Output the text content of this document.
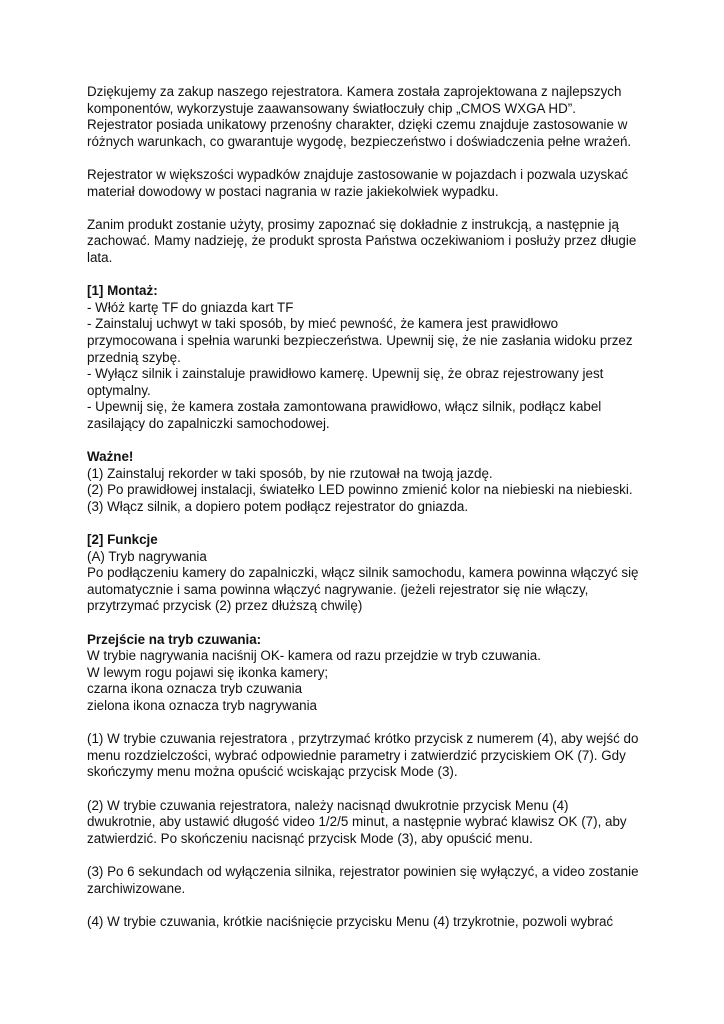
Dziękujemy za zakup naszego rejestratora. Kamera została zaprojektowana z najlepszych
komponentów, wykorzystuje zaawansowany światłoczuły chip „CMOS WXGA HD”.
Rejestrator posiada unikatowy przenośny charakter, dzięki czemu znajduje zastosowanie w
różnych warunkach, co gwarantuje wygodę, bezpieczeństwo i doświadczenia pełne wrażeń.

Rejestrator w większości wypadków znajduje zastosowanie w pojazdach i pozwala uzyskać
materiał dowodowy w postaci nagrania w razie jakiekolwiek wypadku.

Zanim produkt zostanie użyty, prosimy zapoznać się dokładnie z instrukcją, a następnie ją
zachować. Mamy nadzieję, że produkt sprosta Państwa oczekiwaniom i posłuży przez długie
lata.

[1] Montaż:
- Włóż kartę TF do gniazda kart TF
- Zainstaluj uchwyt w taki sposób, by mieć pewność, że kamera jest prawidłowo
przymocowana i spełnia warunki bezpieczeństwa. Upewnij się, że nie zasłania widoku przez
przednią szybę.
- Wyłącz silnik i zainstaluje prawidłowo kamerę. Upewnij się, że obraz rejestrowany jest
optymalny.
- Upewnij się, że kamera została zamontowana prawidłowo, włącz silnik, podłącz kabel
zasilający do zapalniczki samochodowej.
Ważne!
(1) Zainstaluj rekorder w taki sposób, by nie rzutował na twoją jazdę.
(2) Po prawidłowej instalacji, światełko LED powinno zmienić kolor na niebieski na niebieski.
(3) Włącz silnik, a dopiero potem podłącz rejestrator do gniazda.
[2] Funkcje
(A) Tryb nagrywania
Po podłączeniu kamery do zapalniczki, włącz silnik samochodu, kamera powinna włączyć się
automatycznie i sama powinna włączyć nagrywanie. (jeżeli rejestrator się nie włączy,
przytrzymać przycisk (2) przez dłuższą chwilę)
Przejście na tryb czuwania:
W trybie nagrywania naciśnij OK- kamera od razu przejdzie w tryb czuwania.
W lewym rogu pojawi się ikonka kamery;
czarna ikona oznacza tryb czuwania
zielona ikona oznacza tryb nagrywania

(1) W trybie czuwania rejestratora , przytrzymać krótko przycisk z numerem (4), aby wejść do
menu rozdzielczości, wybrać odpowiednie parametry i zatwierdzić przyciskiem OK (7). Gdy
skończymy menu można opuścić wciskając przycisk Mode (3).

(2) W trybie czuwania rejestratora, należy nacisnąd dwukrotnie przycisk Menu (4)
dwukrotnie, aby ustawić długość video 1/2/5 minut, a następnie wybrać klawisz OK (7), aby
zatwierdzić. Po skończeniu nacisnąć przycisk Mode (3), aby opuścić menu.

(3) Po 6 sekundach od wyłączenia silnika, rejestrator powinien się wyłączyć, a video zostanie
zarchiwizowane.

(4) W trybie czuwania, krótkie naciśnięcie przycisku Menu (4) trzykrotnie, pozwoli wybrać
